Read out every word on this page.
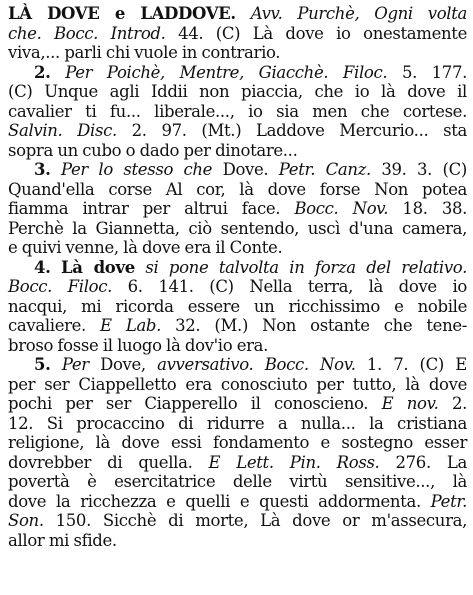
LÀ DOVE e LADDOVE. Avv. Purchè, Ogni volta
che. Bocc. Introd. 44. (C) Là dove io onestamente
viva,... parli chi vuole in contrario.
2. Per Poichè, Mentre, Giacchè. Filoc. 5. 177.
(C) Unque agli Iddii non piaccia, che io là dove il
cavalier ti fu... liberale..., io sia men che cortese.
Salvin. Disc. 2. 97. (Mt.) Laddove Mercurio... sta
sopra un cubo o dado per dinotare...
3. Per lo stesso che Dove. Petr. Canz. 39. 3. (C)
Quand'ella corse Al cor, là dove forse Non potea
fiamma intrar per altrui face. Bocc. Nov. 18. 38.
Perchè la Giannetta, ciò sentendo, uscì d'una camera,
e quivi venne, là dove era il Conte.
4. Là dove si pone talvolta in forza del relativo.
Bocc. Filoc. 6. 141. (C) Nella terra, là dove io
nacqui, mi ricorda essere un ricchissimo e nobile
cavaliere. E Lab. 32. (M.) Non ostante che tene-
broso fosse il luogo là dov'io era.
5. Per Dove, avversativo. Bocc. Nov. 1. 7. (C) E
per ser Ciappelletto era conosciuto per tutto, là dove
pochi per ser Ciapperello il conoscieno. E nov. 2.
12. Si procaccino di ridurre a nulla... la cristiana
religione, là dove essi fondamento e sostegno esser
dovrebber di quella. E Lett. Pin. Ross. 276. La
povertà è esercitatrice delle virtù sensitive..., là
dove la ricchezza e quelli e questi addormenta. Petr.
Son. 150. Sicchè di morte, Là dove or m'assecura,
allor mi sfide.
